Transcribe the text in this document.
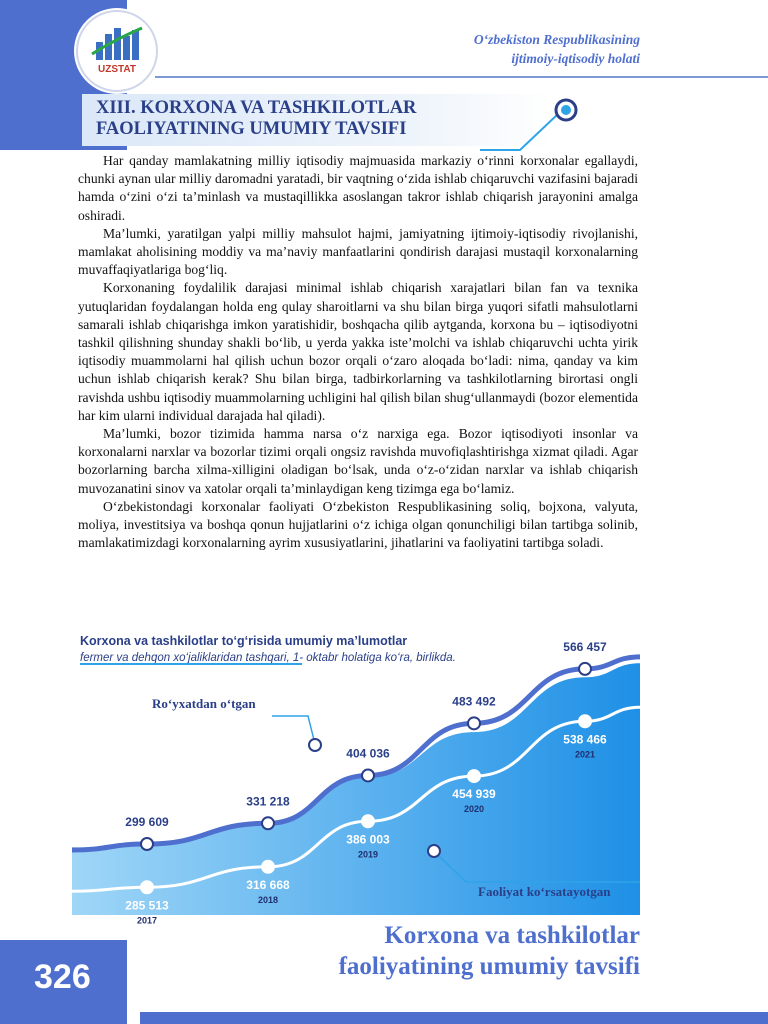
UZSTAT
O‘zbekiston Respublikasining
ijtimoiy-iqtisodiy holati
XIII. KORXONA VA TASHKILOTLAR
FAOLIYATINING UMUMIY TAVSIFI

Har qanday mamlakatning milliy iqtisodiy majmuasida markaziy o‘rinni korxonalar egallaydi, chunki aynan ular milliy daromadni yaratadi, bir vaqtning o‘zida ishlab chiqaruvchi vazifasini bajaradi hamda o‘zini o‘zi ta’minlash va mustaqillikka asoslangan takror ishlab chiqarish jarayonini amalga oshiradi.

Ma’lumki, yaratilgan yalpi milliy mahsulot hajmi, jamiyatning ijtimoiy-iqtisodiy rivojlanishi, mamlakat aholisining moddiy va ma’naviy manfaatlarini qondirish darajasi mustaqil korxonalarning muvaffaqiyatlariga bog‘liq.

Korxonaning foydalilik darajasi minimal ishlab chiqarish xarajatlari bilan fan va texnika yutuqlaridan foydalangan holda eng qulay sharoitlarni va shu bilan birga yuqori sifatli mahsulotlarni samarali ishlab chiqarishga imkon yaratishidir, boshqacha qilib aytganda, korxona bu – iqtisodiyotni tashkil qilishning shunday shakli bo‘lib, u yerda yakka iste’molchi va ishlab chiqaruvchi uchta yirik iqtisodiy muammolarni hal qilish uchun bozor orqali o‘zaro aloqada bo‘ladi: nima, qanday va kim uchun ishlab chiqarish kerak? Shu bilan birga, tadbirkorlarning va tashkilotlarning birortasi ongli ravishda ushbu iqtisodiy muammolarning uchligini hal qilish bilan shug‘ullanmaydi (bozor elementida har kim ularni individual darajada hal qiladi).

Ma’lumki, bozor tizimida hamma narsa o‘z narxiga ega. Bozor iqtisodiyoti insonlar va korxonalarni narxlar va bozorlar tizimi orqali ongsiz ravishda muvofiqlashtirishga xizmat qiladi. Agar bozorlarning barcha xilma-xilligini oladigan bo‘lsak, unda o‘z-o‘zidan narxlar va ishlab chiqarish muvozanatini sinov va xatolar orqali ta’minlaydigan keng tizimga ega bo‘lamiz.

O‘zbekistondagi korxonalar faoliyati O‘zbekiston Respublikasining soliq, bojxona, valyuta, moliya, investitsiya va boshqa qonun hujjatlarini o‘z ichiga olgan qonunchiligi bilan tartibga solinib, mamlakatimizdagi korxonalarning ayrim xususiyatlarini, jihatlarini va faoliyatini tartibga soladi.

Korxona va tashkilotlar to‘g‘risida umumiy ma’lumotlar
fermer va dehqon xo‘jaliklaridan tashqari, 1- oktabr holatiga ko‘ra, birlikda.
299 609
331 218
404 036
483 492
566 457
285 513
316 668
386 003
454 939
538 466
2017
2018
2019
2020
2021
Ro‘yxatdan o‘tgan
Faoliyat ko‘rsatayotgan
Korxona va tashkilotlar
faoliyatining umumiy tavsifi
326
